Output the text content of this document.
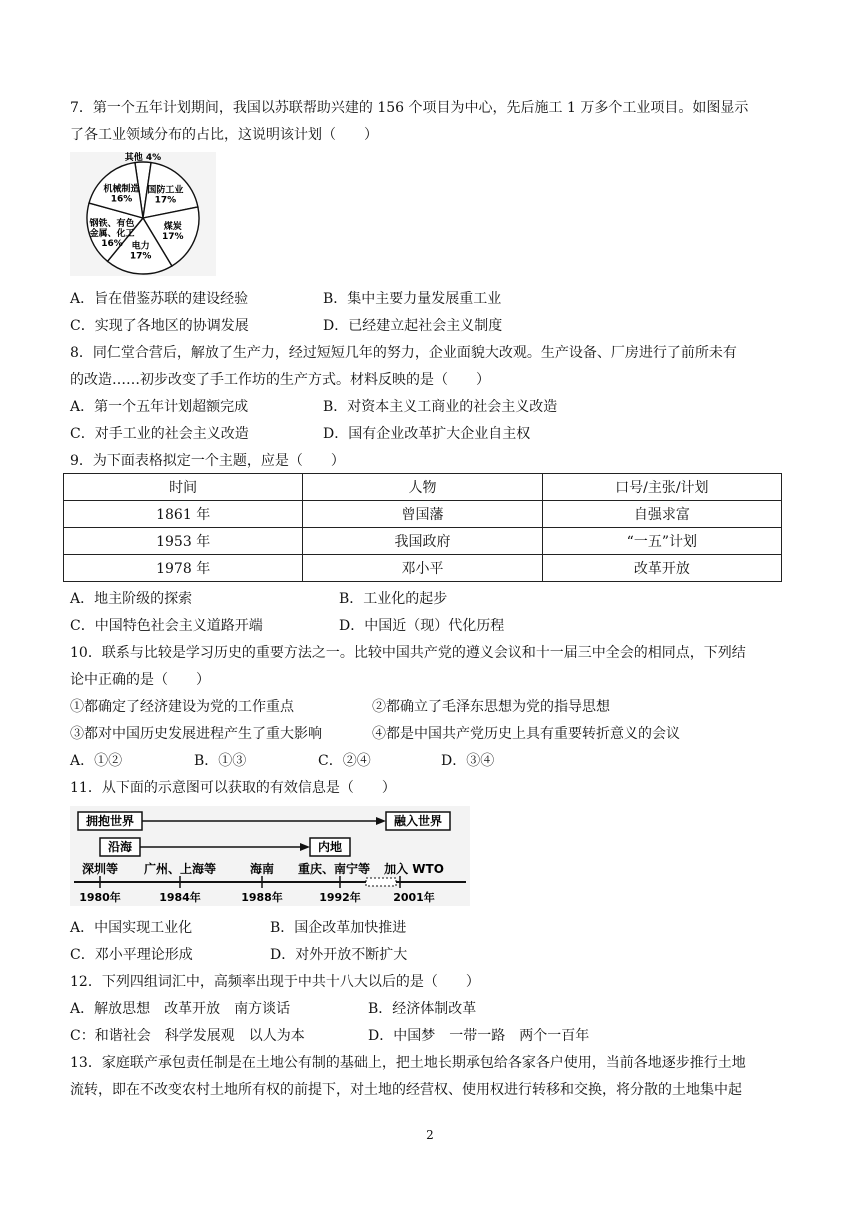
7．第一个五年计划期间，我国以苏联帮助兴建的 156 个项目为中心，先后施工 1 万多个工业项目。如图显示
了各工业领域分布的占比，这说明该计划（　　）
其他 4%
国防工业 17%
煤炭 17%
电力 17%
钢铁、有色金属、化工 16%
机械制造 16%
A．旨在借鉴苏联的建设经验	B．集中主要力量发展重工业
C．实现了各地区的协调发展	D．已经建立起社会主义制度
8．同仁堂合营后，解放了生产力，经过短短几年的努力，企业面貌大改观。生产设备、厂房进行了前所未有
的改造……初步改变了手工作坊的生产方式。材料反映的是（　　）
A．第一个五年计划超额完成	B．对资本主义工商业的社会主义改造
C．对手工业的社会主义改造	D．国有企业改革扩大企业自主权
9．为下面表格拟定一个主题，应是（　　）
时间	人物	口号/主张/计划
1861 年	曾国藩	自强求富
1953 年	我国政府	“一五”计划
1978 年	邓小平	改革开放
A．地主阶级的探索	B．工业化的起步
C．中国特色社会主义道路开端	D．中国近（现）代化历程
10．联系与比较是学习历史的重要方法之一。比较中国共产党的遵义会议和十一届三中全会的相同点，下列结
论中正确的是（　　）
①都确定了经济建设为党的工作重点	②都确立了毛泽东思想为党的指导思想
③都对中国历史发展进程产生了重大影响	④都是中国共产党历史上具有重要转折意义的会议
A．①②	B．①③	C．②④	D．③④
11．从下面的示意图可以获取的有效信息是（　　）
拥抱世界	融入世界
沿海	内地
深圳等 广州、上海等	海南 重庆、南宁等 加入 WTO
1980年	1984年	1988年	1992年	2001年
A．中国实现工业化	B．国企改革加快推进
C．邓小平理论形成	D．对外开放不断扩大
12．下列四组词汇中，高频率出现于中共十八大以后的是（　　）
A．解放思想　改革开放　南方谈话	B．经济体制改革
C：和谐社会　科学发展观　以人为本	D．中国梦　一带一路　两个一百年
13．家庭联产承包责任制是在土地公有制的基础上，把土地长期承包给各家各户使用，当前各地逐步推行土地
流转，即在不改变农村土地所有权的前提下，对土地的经营权、使用权进行转移和交换，将分散的土地集中起
2
